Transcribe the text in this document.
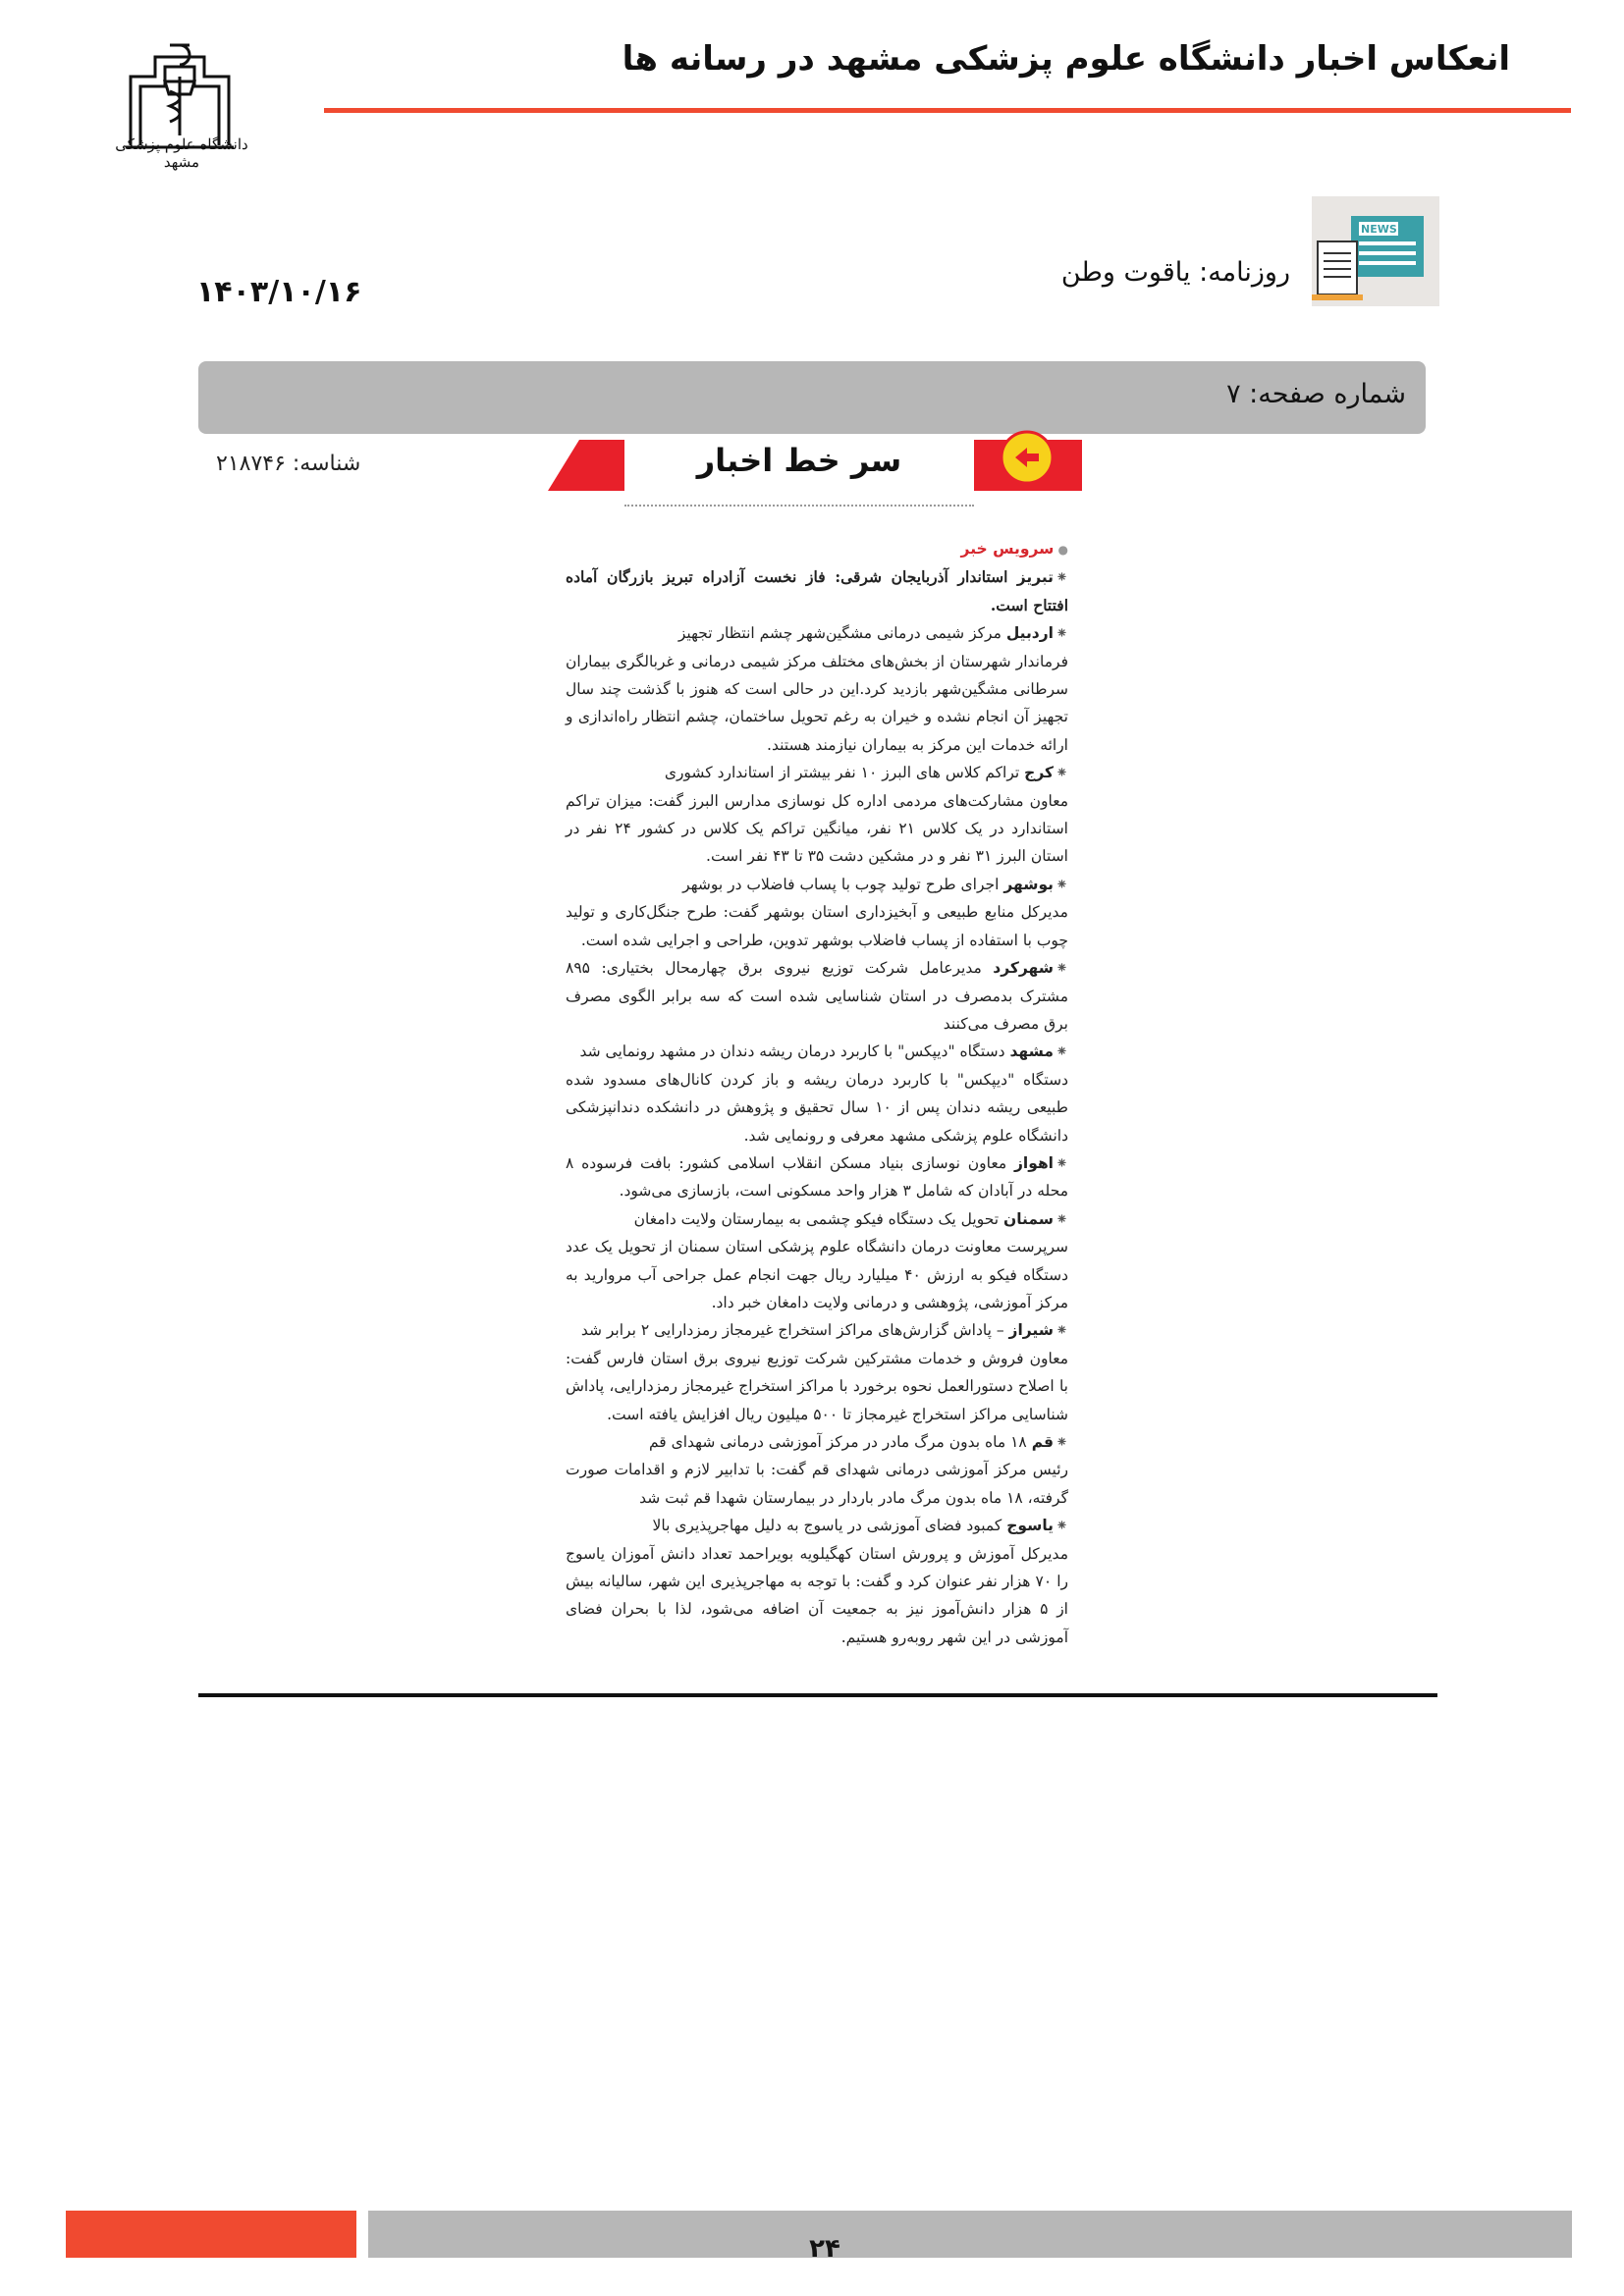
دانشگاه علوم پزشکی مشهد
انعکاس اخبار دانشگاه علوم پزشکی مشهد در رسانه ها
NEWS
روزنامه: یاقوت وطن
۱۴۰۳/۱۰/۱۶
شماره صفحه: ۷
شناسه: ۲۱۸۷۴۶	سر خط اخبار
● سرویس خبر

⁕ تبریز استاندار آذربایجان شرقی: فاز نخست آزادراه تبریز بازرگان آماده افتتاح است.

⁕ اردبیل مرکز شیمی درمانی مشگین‌شهر چشم انتظار تجهیز
فرماندار شهرستان از بخش‌های مختلف مرکز شیمی درمانی و غربالگری بیماران سرطانی مشگین‌شهر بازدید کرد.این در حالی است که هنوز با گذشت چند سال تجهیز آن انجام نشده و خیران به رغم تحویل ساختمان، چشم انتظار راه‌اندازی و ارائه خدمات این مرکز به بیماران نیازمند هستند.

⁕ کرج تراکم کلاس های البرز ۱۰ نفر بیشتر از استاندارد کشوری
معاون مشارکت‌های مردمی اداره کل نوسازی مدارس البرز گفت: میزان تراکم استاندارد در یک کلاس ۲۱ نفر، میانگین تراکم یک کلاس در کشور ۲۴ نفر در استان البرز ۳۱ نفر و در مشکین دشت ۳۵ تا ۴۳ نفر است.

⁕ بوشهر اجرای طرح تولید چوب با پساب فاضلاب در بوشهر
مدیرکل منابع طبیعی و آبخیزداری استان بوشهر گفت: طرح جنگل‌کاری و تولید چوب با استفاده از پساب فاضلاب بوشهر تدوین، طراحی و اجرایی شده است.

⁕ شهرکرد مدیرعامل شرکت توزیع نیروی برق چهارمحال بختیاری: ۸۹۵ مشترک بدمصرف در استان شناسایی شده است که سه برابر الگوی مصرف برق مصرف می‌کنند

⁕ مشهد دستگاه "دیپکس" با کاربرد درمان ریشه دندان در مشهد رونمایی شد
دستگاه "دیپکس" با کاربرد درمان ریشه و باز کردن کانال‌های مسدود شده طبیعی ریشه دندان پس از ۱۰ سال تحقیق و پژوهش در دانشکده دندانپزشکی دانشگاه علوم پزشکی مشهد معرفی و رونمایی شد.

⁕ اهواز معاون نوسازی بنیاد مسکن انقلاب اسلامی کشور: بافت فرسوده ۸ محله در آبادان که شامل ۳ هزار واحد مسکونی است، بازسازی می‌شود.

⁕ سمنان تحویل یک دستگاه فیکو چشمی به بیمارستان ولایت دامغان
سرپرست معاونت درمان دانشگاه علوم پزشکی استان سمنان از تحویل یک عدد دستگاه فیکو به ارزش ۴۰ میلیارد ریال جهت انجام عمل جراحی آب مروارید به مرکز آموزشی، پژوهشی و درمانی ولایت دامغان خبر داد.

⁕ شیراز – پاداش گزارش‌های مراکز استخراج غیرمجاز رمزدارایی ۲ برابر شد
معاون فروش و خدمات مشترکین شرکت توزیع نیروی برق استان فارس گفت: با اصلاح دستورالعمل نحوه برخورد با مراکز استخراج غیرمجاز رمزدارایی، پاداش شناسایی مراکز استخراج غیرمجاز تا ۵۰۰ میلیون ریال افزایش یافته است.

⁕ قم ۱۸ ماه بدون مرگ مادر در مرکز آموزشی درمانی شهدای قم
رئیس مرکز آموزشی درمانی شهدای قم گفت: با تدابیر لازم و اقدامات صورت گرفته، ۱۸ ماه بدون مرگ مادر باردار در بیمارستان شهدا قم ثبت شد

⁕ یاسوج کمبود فضای آموزشی در یاسوج به دلیل مهاجرپذیری بالا
مدیرکل آموزش و پرورش استان کهگیلویه بویراحمد تعداد دانش آموزان یاسوج را ۷۰ هزار نفر عنوان کرد و گفت: با توجه به مهاجرپذیری این شهر، سالیانه بیش از ۵ هزار دانش‌آموز نیز به جمعیت آن اضافه می‌شود، لذا با بحران فضای آموزشی در این شهر روبه‌رو هستیم.

۲۴
